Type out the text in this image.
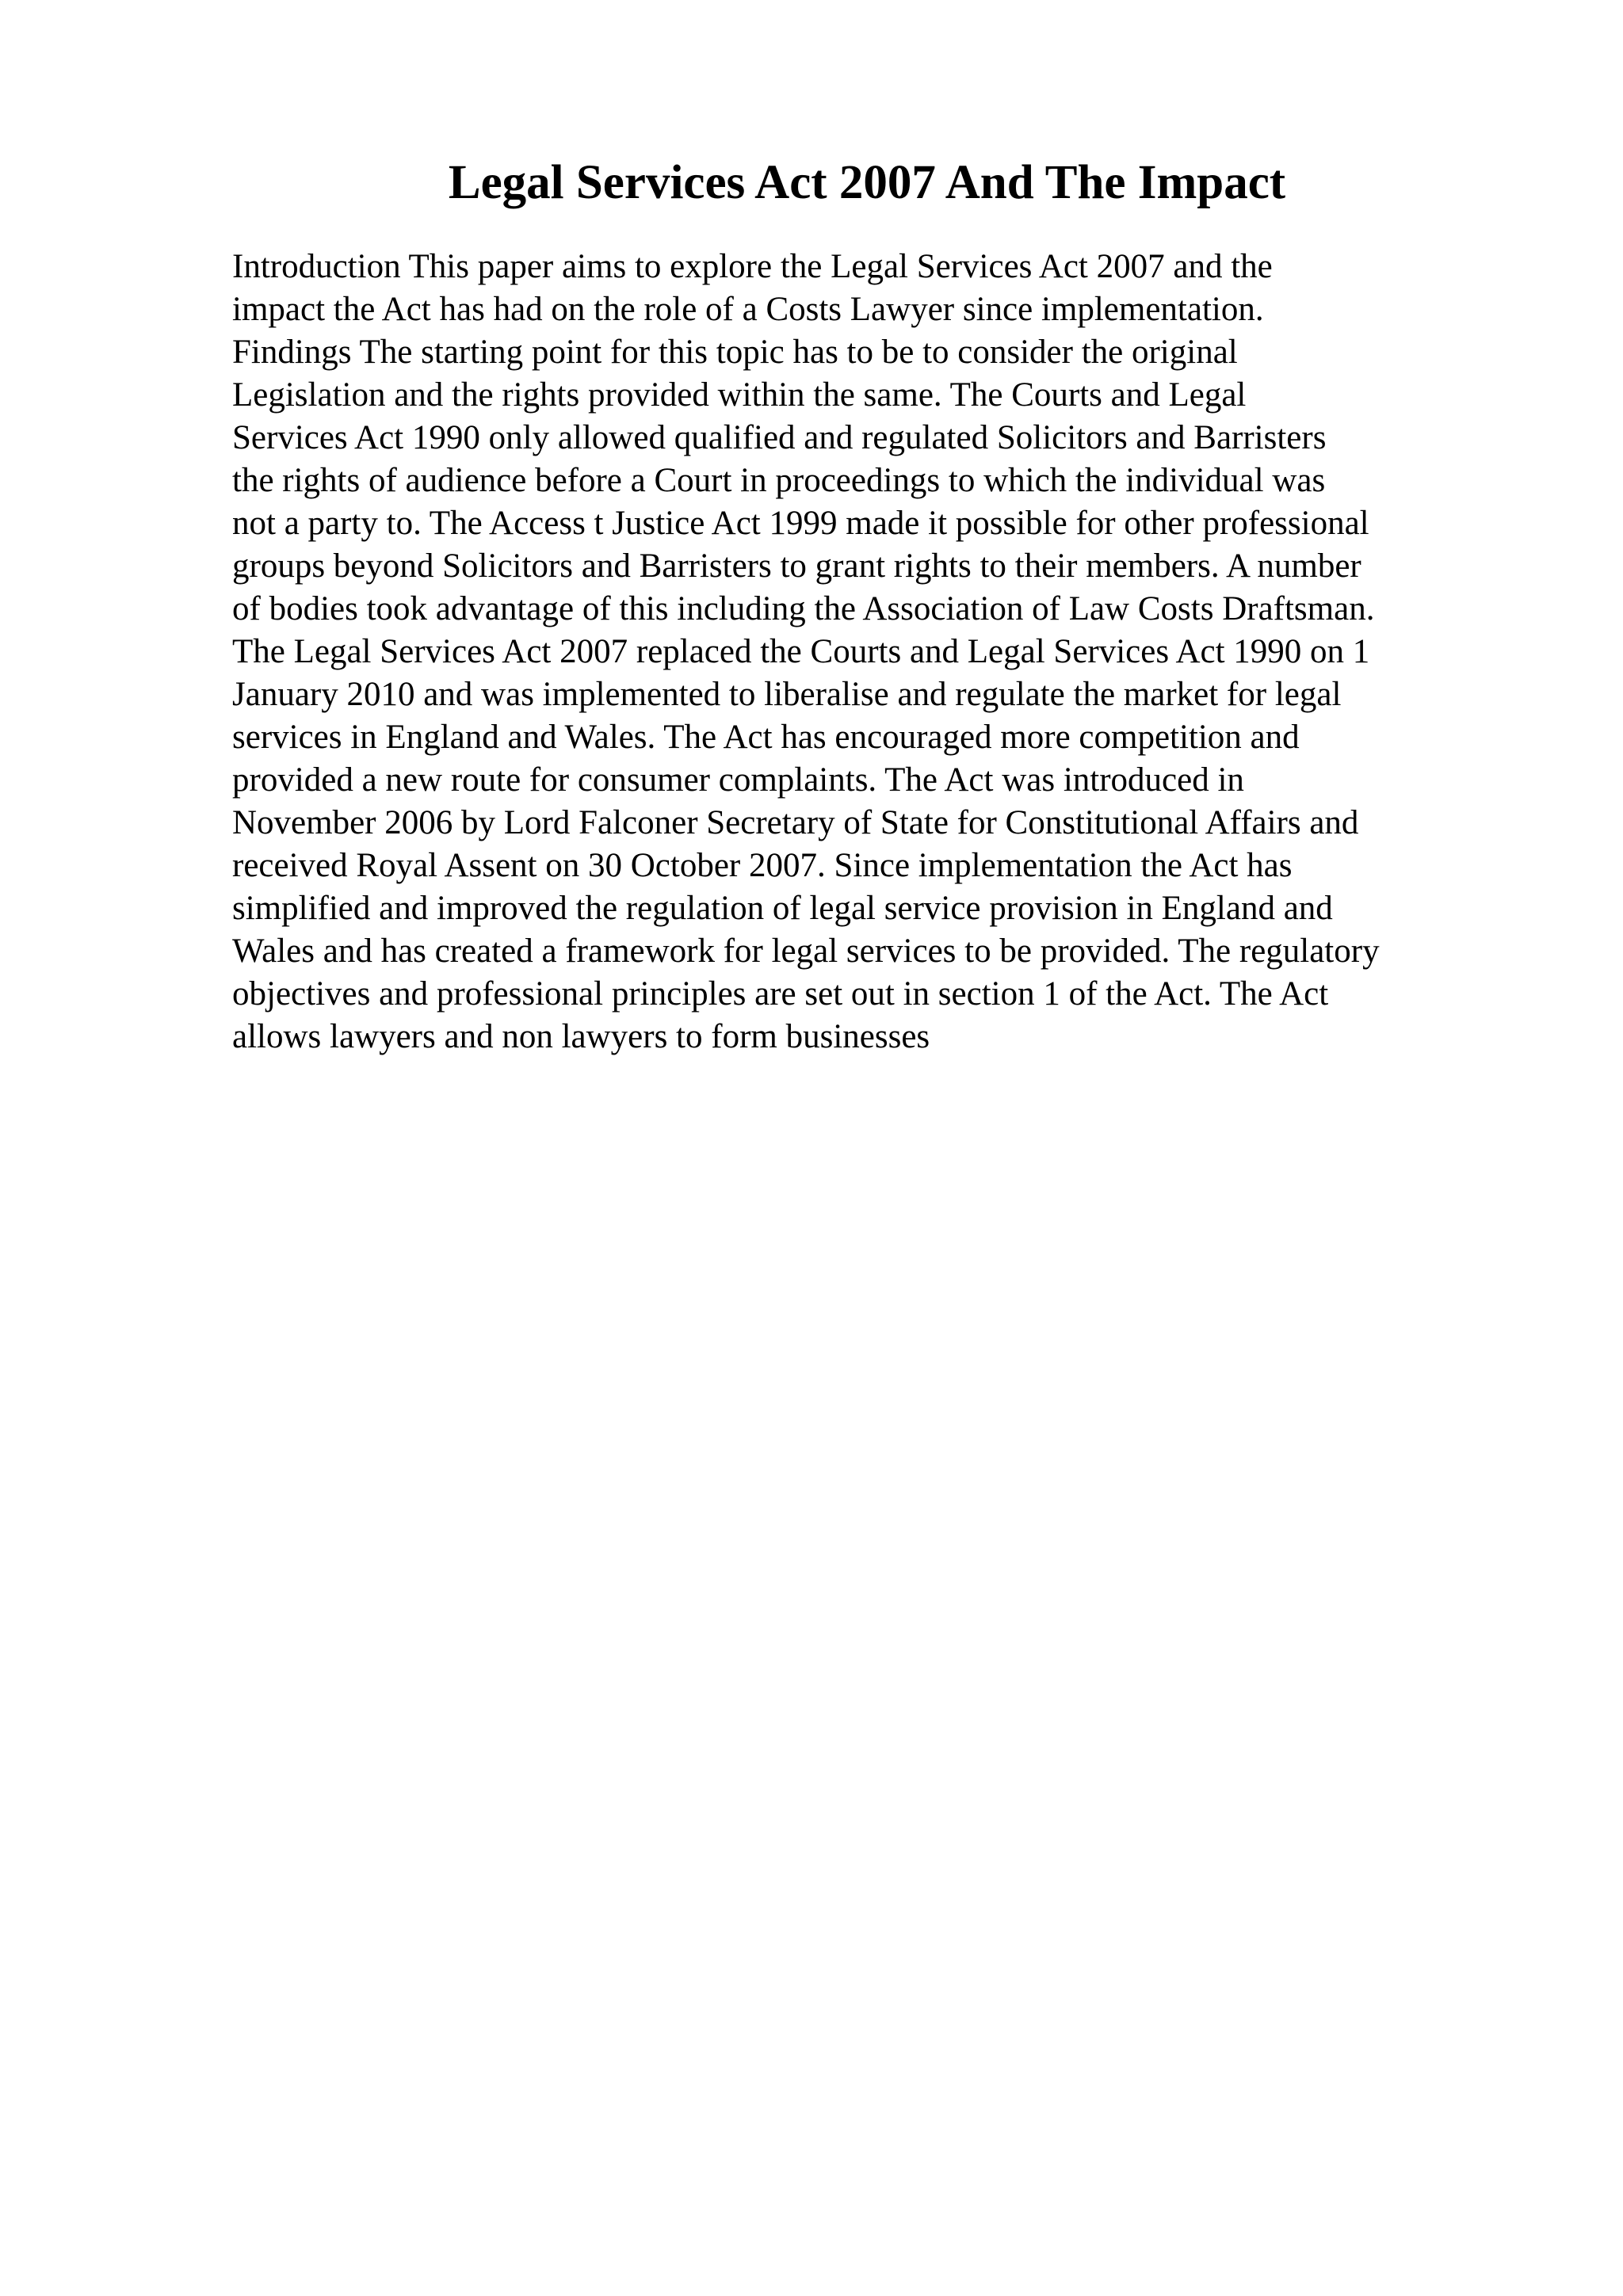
Legal Services Act 2007 And The Impact

Introduction This paper aims to explore the Legal Services Act 2007 and the
impact the Act has had on the role of a Costs Lawyer since implementation.
Findings The starting point for this topic has to be to consider the original
Legislation and the rights provided within the same. The Courts and Legal
Services Act 1990 only allowed qualified and regulated Solicitors and Barristers
the rights of audience before a Court in proceedings to which the individual was
not a party to. The Access t Justice Act 1999 made it possible for other professional
groups beyond Solicitors and Barristers to grant rights to their members. A number
of bodies took advantage of this including the Association of Law Costs Draftsman.
The Legal Services Act 2007 replaced the Courts and Legal Services Act 1990 on 1
January 2010 and was implemented to liberalise and regulate the market for legal
services in England and Wales. The Act has encouraged more competition and
provided a new route for consumer complaints. The Act was introduced in
November 2006 by Lord Falconer Secretary of State for Constitutional Affairs and
received Royal Assent on 30 October 2007. Since implementation the Act has
simplified and improved the regulation of legal service provision in England and
Wales and has created a framework for legal services to be provided. The regulatory
objectives and professional principles are set out in section 1 of the Act. The Act
allows lawyers and non lawyers to form businesses
